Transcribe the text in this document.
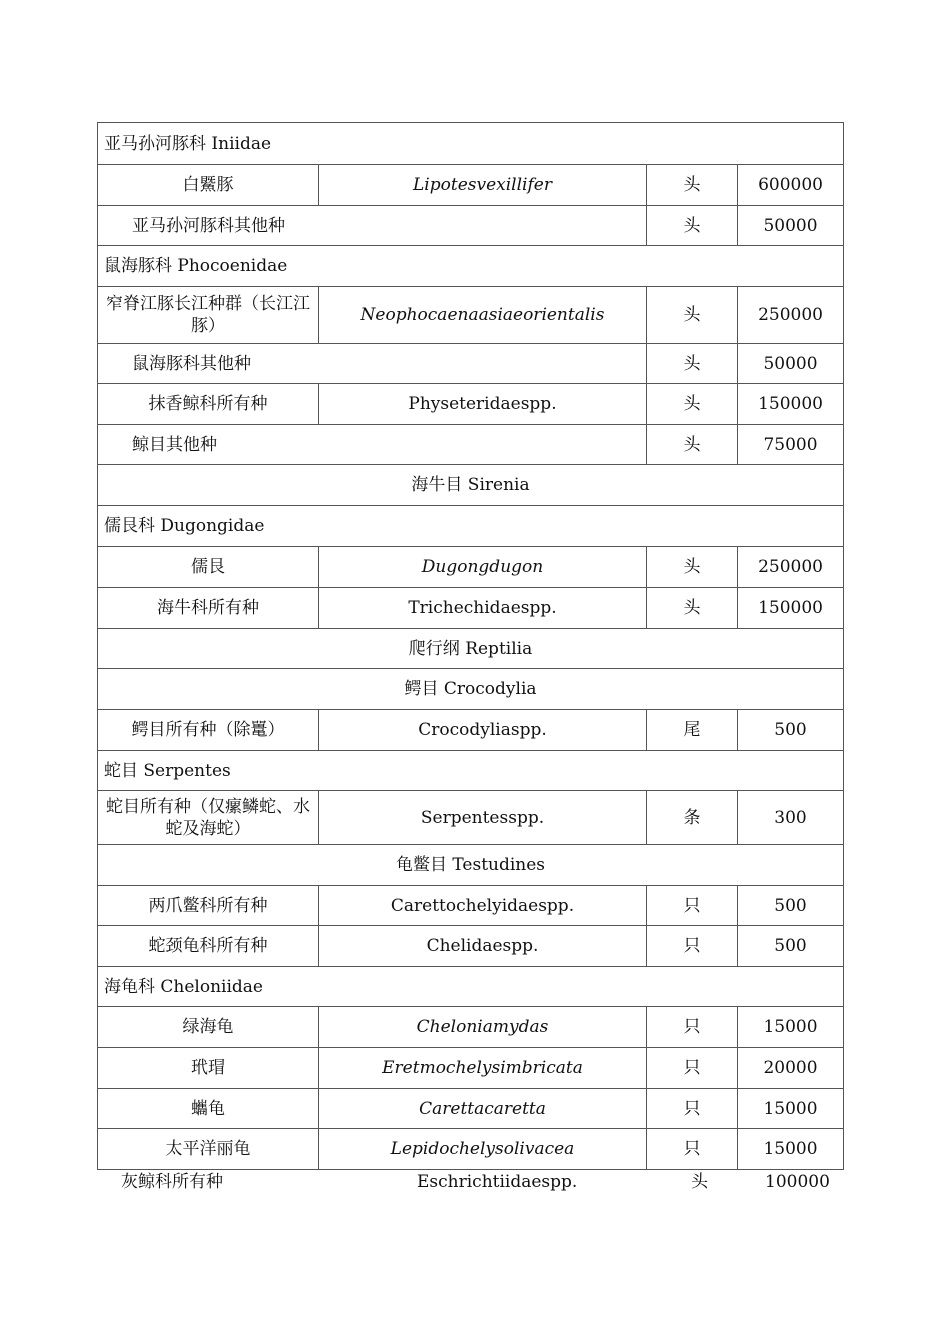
亚马孙河豚科 Iniidae			
白鱀豚	Lipotesvexillifer	头	600000
亚马孙河豚科其他种		头	50000
鼠海豚科 Phocoenidae			
窄脊江豚长江种群（长江江豚）	Neophocaenaasiaeorientalis	头	250000
鼠海豚科其他种		头	50000
抹香鲸科所有种	Physeteridaespp.	头	150000
鲸目其他种		头	75000
海牛目 Sirenia			
儒艮科 Dugongidae			
儒艮	Dugongdugon	头	250000
海牛科所有种	Trichechidaespp.	头	150000
爬行纲 Reptilia			
鳄目 Crocodylia			
鳄目所有种（除鼍）	Crocodyliaspp.	尾	500
蛇目 Serpentes			
蛇目所有种（仅瘰鳞蛇、水蛇及海蛇）	Serpentesspp.	条	300
龟鳖目 Testudines			
两爪鳖科所有种	Carettochelyidaespp.	只	500
蛇颈龟科所有种	Chelidaespp.	只	500
海龟科 Cheloniidae			
绿海龟	Cheloniamydas	只	15000
玳瑁	Eretmochelysimbricata	只	20000
蠵龟	Carettacaretta	只	15000
太平洋丽龟	Lepidochelysolivacea	只	15000
灰鲸科所有种	Eschrichtiidaespp.	头	100000
